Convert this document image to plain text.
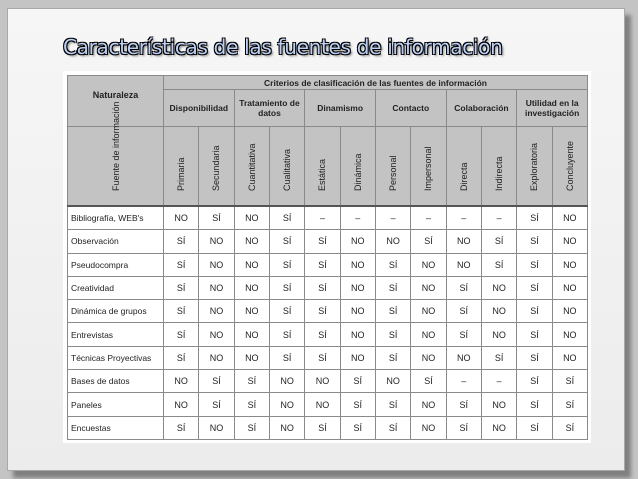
Características de las fuentes de información
Naturaleza	Criterios de clasificación de las fuentes de información											
	Disponibilidad		Tratamiento de datos		Dinamismo		Contacto		Colaboración		Utilidad en la investigación	

Fuente de información	Primaria	Secundaria	Cuantitativa	Cualitativa	Estática	Dinámica	Personal	Impersonal	Directa	Indirecta	Exploratoria	Concluyente

Bibliografía, WEB's	NO	SÍ	NO	SÍ	–	–	–	–	–	–	SÍ	NO
Observación	SÍ	NO	NO	SÍ	SÍ	NO	NO	SÍ	NO	SÍ	SÍ	NO
Pseudocompra	SÍ	NO	NO	SÍ	SÍ	NO	SÍ	NO	NO	SÍ	SÍ	NO
Creatividad	SÍ	NO	NO	SÍ	SÍ	NO	SÍ	NO	SÍ	NO	SÍ	NO
Dinámica de grupos	SÍ	NO	NO	SÍ	SÍ	NO	SÍ	NO	SÍ	NO	SÍ	NO
Entrevistas	SÍ	NO	NO	SÍ	SÍ	NO	SÍ	NO	SÍ	NO	SÍ	NO
Técnicas Proyectivas	SÍ	NO	NO	SÍ	SÍ	NO	SÍ	NO	NO	SÍ	SÍ	NO
Bases de datos	NO	SÍ	SÍ	NO	NO	SÍ	NO	SÍ	–	–	SÍ	SÍ
Paneles	NO	SÍ	SÍ	NO	NO	SÍ	SÍ	NO	SÍ	NO	SÍ	SÍ
Encuestas	SÍ	NO	SÍ	NO	SÍ	SÍ	SÍ	NO	SÍ	NO	SÍ	SÍ
